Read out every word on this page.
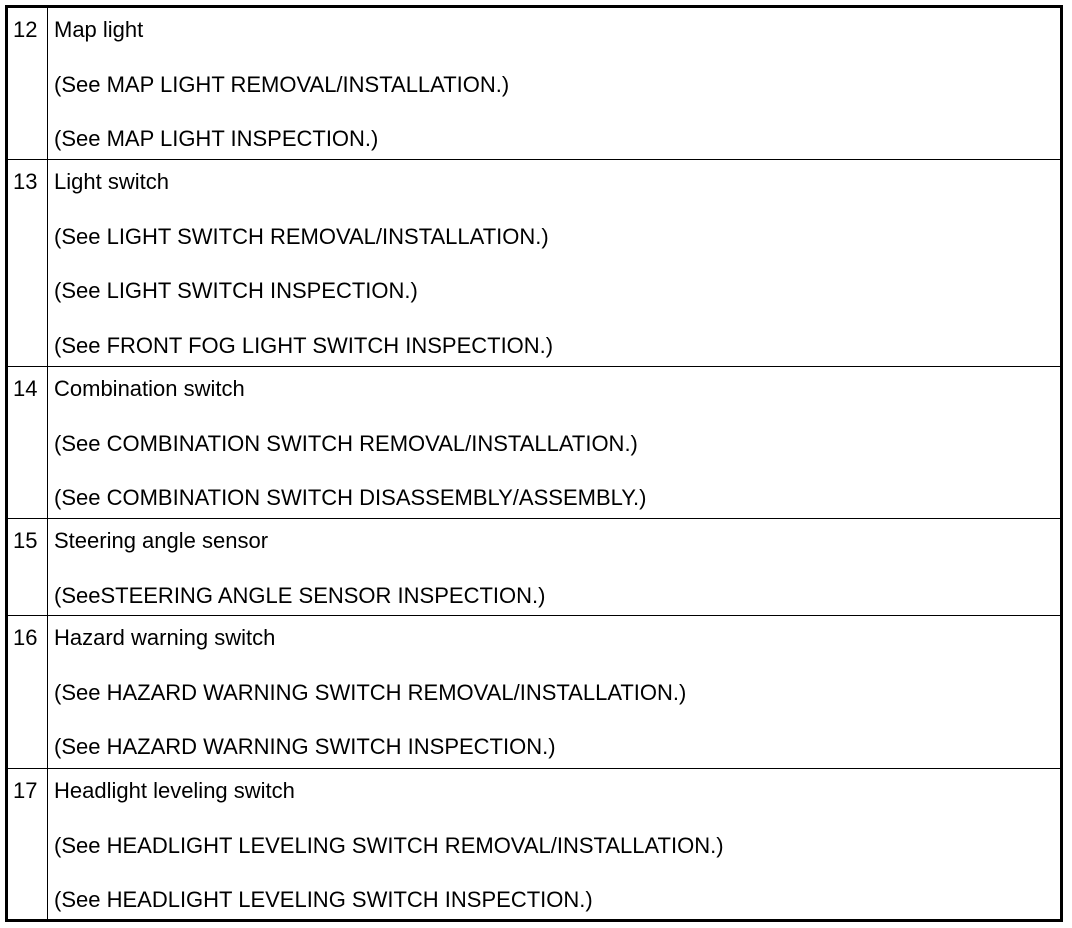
12 Map light
(See MAP LIGHT REMOVAL/INSTALLATION.)
(See MAP LIGHT INSPECTION.)
13 Light switch
(See LIGHT SWITCH REMOVAL/INSTALLATION.)
(See LIGHT SWITCH INSPECTION.)
(See FRONT FOG LIGHT SWITCH INSPECTION.)
14 Combination switch
(See COMBINATION SWITCH REMOVAL/INSTALLATION.)
(See COMBINATION SWITCH DISASSEMBLY/ASSEMBLY.)
15 Steering angle sensor
(SeeSTEERING ANGLE SENSOR INSPECTION.)
16 Hazard warning switch
(See HAZARD WARNING SWITCH REMOVAL/INSTALLATION.)
(See HAZARD WARNING SWITCH INSPECTION.)
17 Headlight leveling switch
(See HEADLIGHT LEVELING SWITCH REMOVAL/INSTALLATION.)
(See HEADLIGHT LEVELING SWITCH INSPECTION.)
